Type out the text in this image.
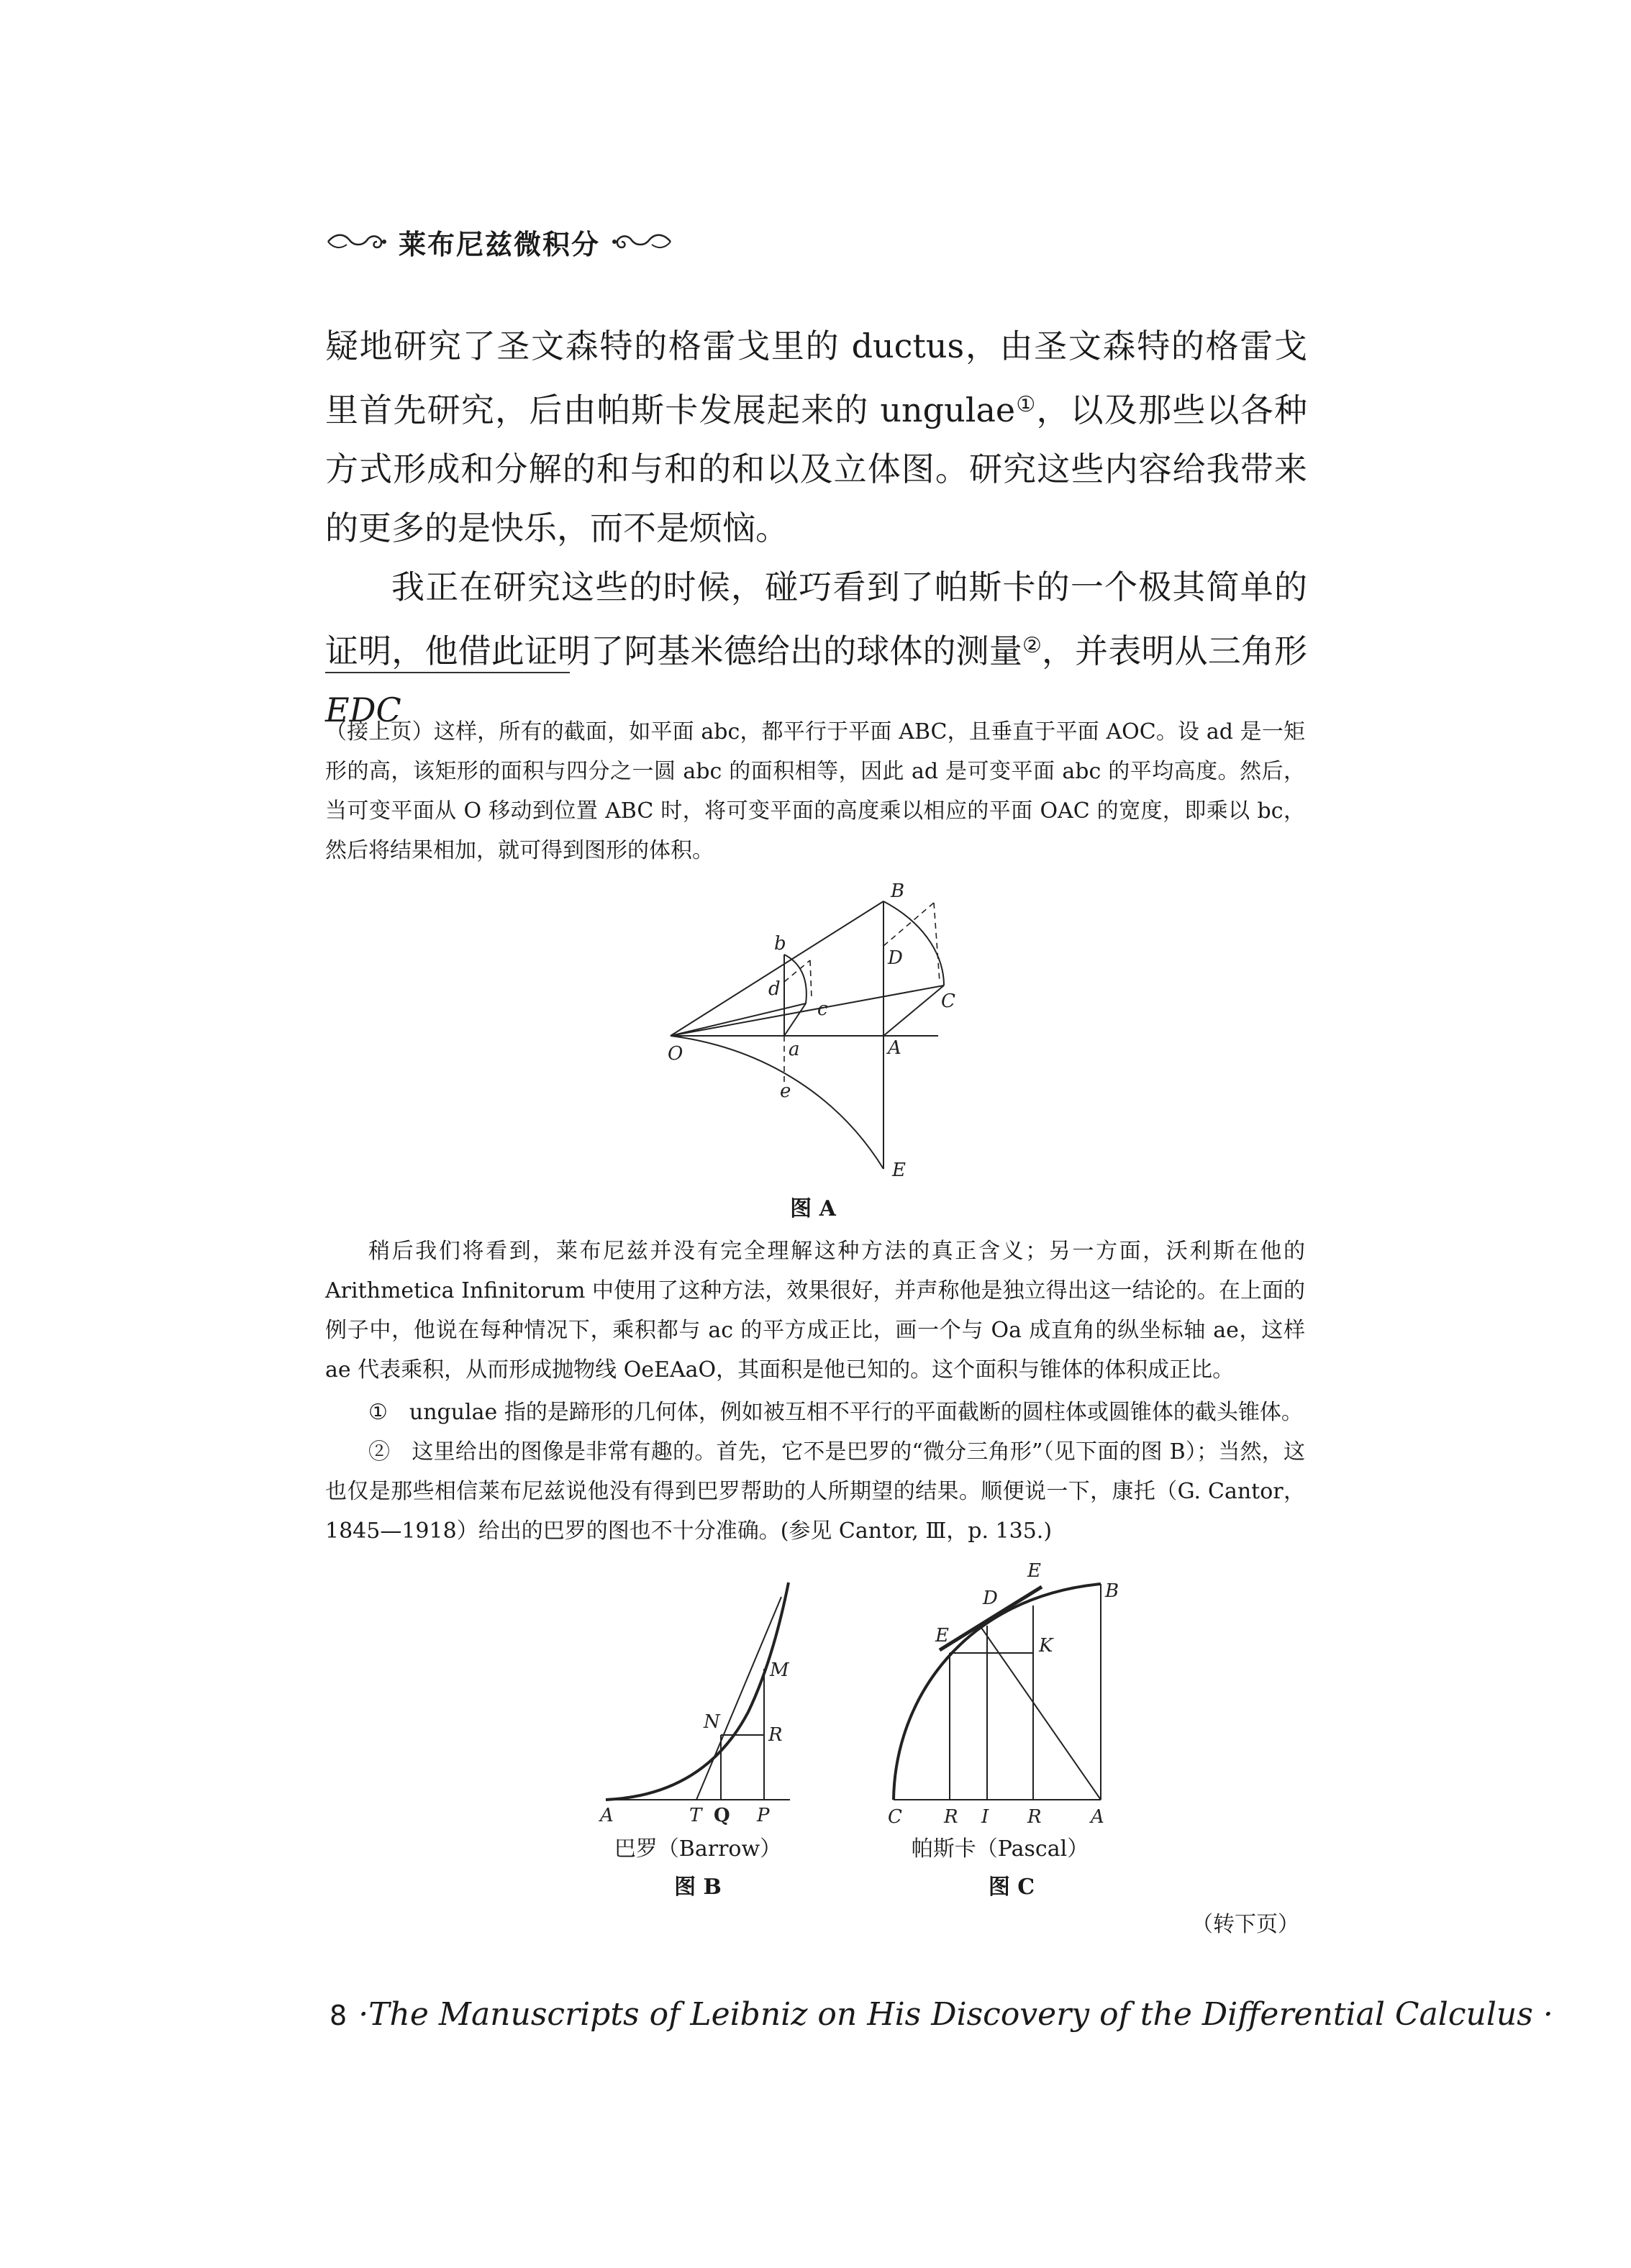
莱布尼兹微积分

疑地研究了圣文森特的格雷戈里的 ductus，由圣文森特的格雷戈里首先研究，后由帕斯卡发展起来的 ungulae①，以及那些以各种方式形成和分解的和与和的和以及立体图。研究这些内容给我带来的更多的是快乐，而不是烦恼。

我正在研究这些的时候，碰巧看到了帕斯卡的一个极其简单的证明，他借此证明了阿基米德给出的球体的测量②，并表明从三角形 EDC

（接上页）这样，所有的截面，如平面 abc，都平行于平面 ABC，且垂直于平面 AOC。设 ad 是一矩形的高，该矩形的面积与四分之一圆 abc 的面积相等，因此 ad 是可变平面 abc 的平均高度。然后，当可变平面从 O 移动到位置 ABC 时，将可变平面的高度乘以相应的平面 OAC 的宽度，即乘以 bc，然后将结果相加，就可得到图形的体积。

O	a	A
b
B
c	C
d
D
e
E
图 A

稍后我们将看到，莱布尼兹并没有完全理解这种方法的真正含义；另一方面，沃利斯在他的 Arithmetica Infinitorum 中使用了这种方法，效果很好，并声称他是独立得出这一结论的。在上面的例子中，他说在每种情况下，乘积都与 ac 的平方成正比，画一个与 Oa 成直角的纵坐标轴 ae，这样 ae 代表乘积，从而形成抛物线 OeEAaO，其面积是他已知的。这个面积与锥体的体积成正比。

①　ungulae 指的是蹄形的几何体，例如被互相不平行的平面截断的圆柱体或圆锥体的截头锥体。

②　这里给出的图像是非常有趣的。首先，它不是巴罗的“微分三角形”（见下面的图 B）；当然，这也仅是那些相信莱布尼兹说他没有得到巴罗帮助的人所期望的结果。顺便说一下，康托（G. Cantor，1845—1918）给出的巴罗的图也不十分准确。(参见 Cantor, Ⅲ，p. 135.)

A	T Q P
N
M
R
巴罗（Barrow）
图 B
C R I R	A
E
E
D
K
B
帕斯卡（Pascal）
图 C
（转下页）
8 ·The Manuscripts of Leibniz on His Discovery of the Differential Calculus ·
